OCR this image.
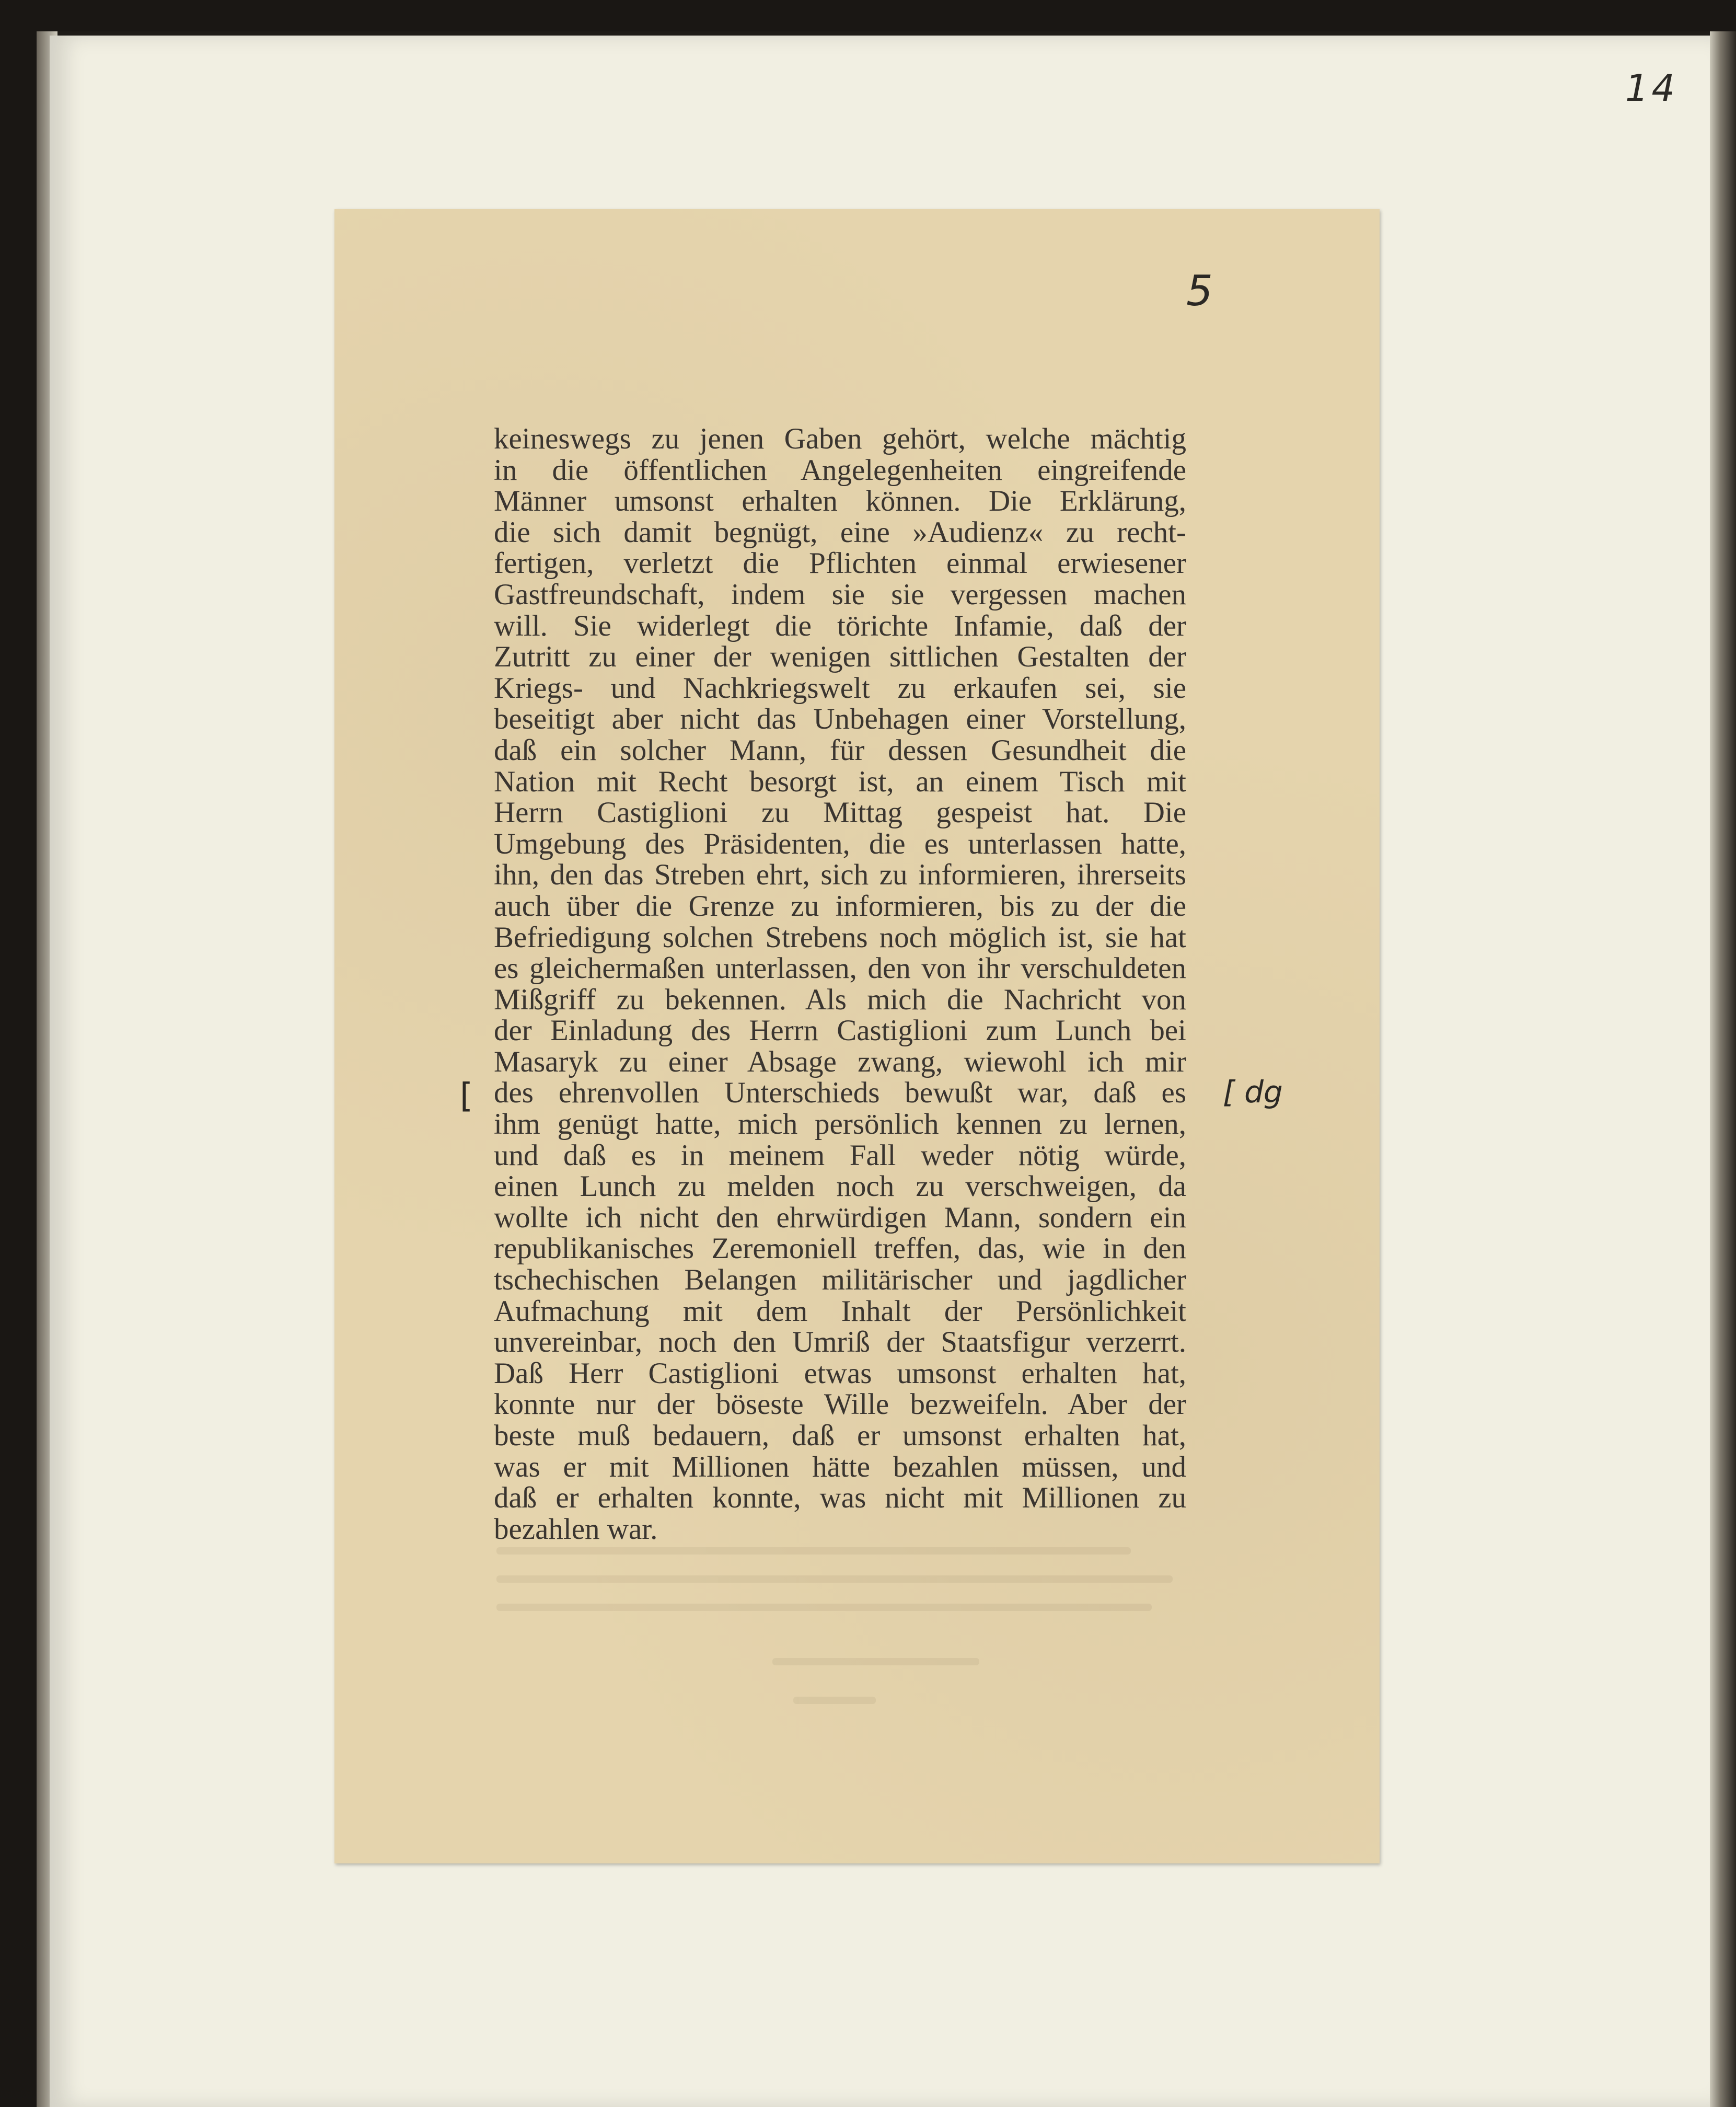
14

5

keineswegs zu jenen Gaben gehört, welche mächtig
in die öffentlichen Angelegenheiten eingreifende
Männer umsonst erhalten können. Die Erklärung,
die sich damit begnügt, eine »Audienz« zu recht-
fertigen, verletzt die Pflichten einmal erwiesener
Gastfreundschaft, indem sie sie vergessen machen
will. Sie widerlegt die törichte Infamie, daß der
Zutritt zu einer der wenigen sittlichen Gestalten der
Kriegs- und Nachkriegswelt zu erkaufen sei, sie
beseitigt aber nicht das Unbehagen einer Vorstellung,
daß ein solcher Mann, für dessen Gesundheit die
Nation mit Recht besorgt ist, an einem Tisch mit
Herrn Castiglioni zu Mittag gespeist hat. Die
Umgebung des Präsidenten, die es unterlassen hatte,
ihn, den das Streben ehrt, sich zu informieren, ihrerseits
auch über die Grenze zu informieren, bis zu der die
Befriedigung solchen Strebens noch möglich ist, sie hat
es gleichermaßen unterlassen, den von ihr verschuldeten
Mißgriff zu bekennen. Als mich die Nachricht von
der Einladung des Herrn Castiglioni zum Lunch bei
Masaryk zu einer Absage zwang, wiewohl ich mir
des ehrenvollen Unterschieds bewußt war, daß es
ihm genügt hatte, mich persönlich kennen zu lernen,
und daß es in meinem Fall weder nötig würde,
einen Lunch zu melden noch zu verschweigen, da
wollte ich nicht den ehrwürdigen Mann, sondern ein
republikanisches Zeremoniell treffen, das, wie in den
tschechischen Belangen militärischer und jagdlicher
Aufmachung mit dem Inhalt der Persönlichkeit
unvereinbar, noch den Umriß der Staatsfigur verzerrt.
Daß Herr Castiglioni etwas umsonst erhalten hat,
konnte nur der böseste Wille bezweifeln. Aber der
beste muß bedauern, daß er umsonst erhalten hat,
was er mit Millionen hätte bezahlen müssen, und
daß er erhalten konnte, was nicht mit Millionen zu
bezahlen war.

[	[ dg
